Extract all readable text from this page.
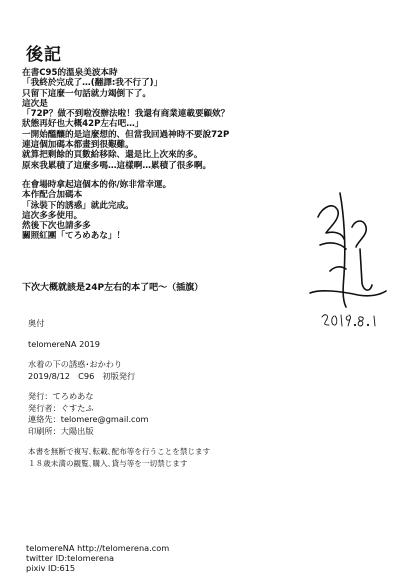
後記
在書C95的溫泉美波本時
「我終於完成了…(翻譯:我不行了)」
只留下這麼一句話就力竭倒下了。
這次是
「72P？做不到啦沒辦法啦！我還有商業連載要顧欸？
狀態再好也大概42P左右吧…」
一開始醞釀的是這麼想的、但當我回過神時不要說72P
連這個加碼本都畫到很艱難。
就算把剩餘的頁數給移除、還是比上次來的多。
原來我累積了這麼多嗎…這樣啊…累積了很多啊。
在會場時拿起這個本的你/妳非常幸運。
本作配合加碼本
「泳裝下的誘惑」就此完成。
這次多多使用。
然後下次也請多多
關照紅團「てろめあな」！
下次大概就該是24P左右的本了吧〜（插旗）
奥付
telomereNA 2019
水着の下の誘惑･おかわり
2019/8/12　C96　初版発行
発行：てろめあな
発行者：ぐすたふ
連絡先：telomere@gmail.com
印刷所：大陽出版
本書を無断で複写､転載､配布等を行うことを禁じます
１８歳未満の観覧､購入､貸与等を一切禁じます
telomereNA http://telomerena.com
twitter ID:telomerena
pixiv ID:615
